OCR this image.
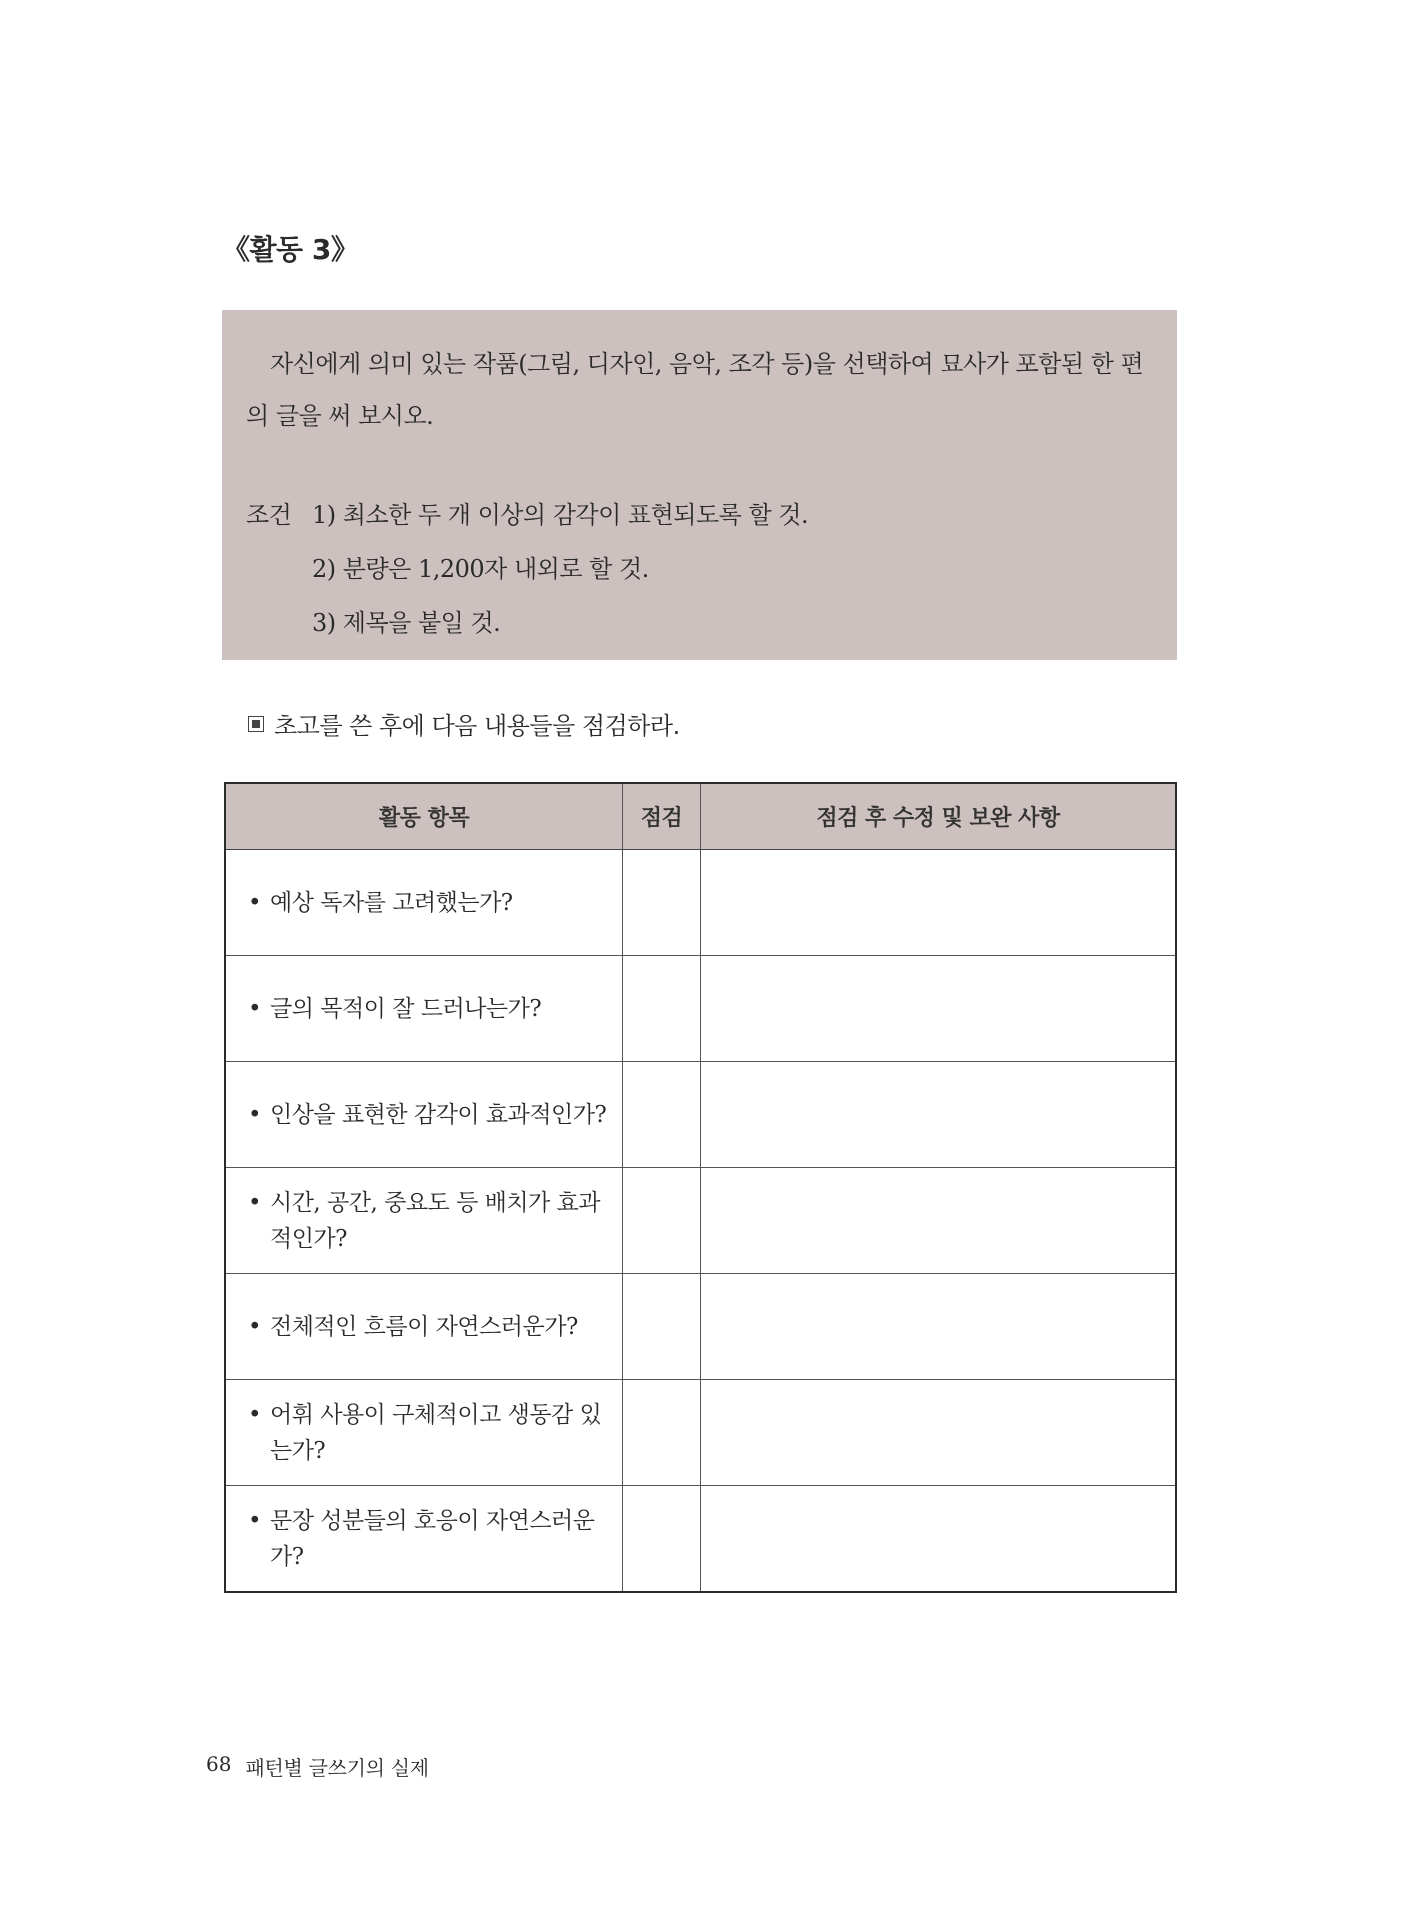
《활동 3》

자신에게 의미 있는 작품(그림, 디자인, 음악, 조각 등)을 선택하여 묘사가 포함된 한 편의 글을 써 보시오.

조건 1) 최소한 두 개 이상의 감각이 표현되도록 할 것.
2) 분량은 1,200자 내외로 할 것.
3) 제목을 붙일 것.
초고를 쓴 후에 다음 내용들을 점검하라.
활동 항목	점검	점검 후 수정 및 보완 사항

• 예상 독자를 고려했는가?		

• 글의 목적이 잘 드러나는가?		

• 인상을 표현한 감각이 효과적인가?		

• 시간, 공간, 중요도 등 배치가 효과적인가?		

• 전체적인 흐름이 자연스러운가?		

• 어휘 사용이 구체적이고 생동감 있는가?		

• 문장 성분들의 호응이 자연스러운가?		

68 패턴별 글쓰기의 실제
